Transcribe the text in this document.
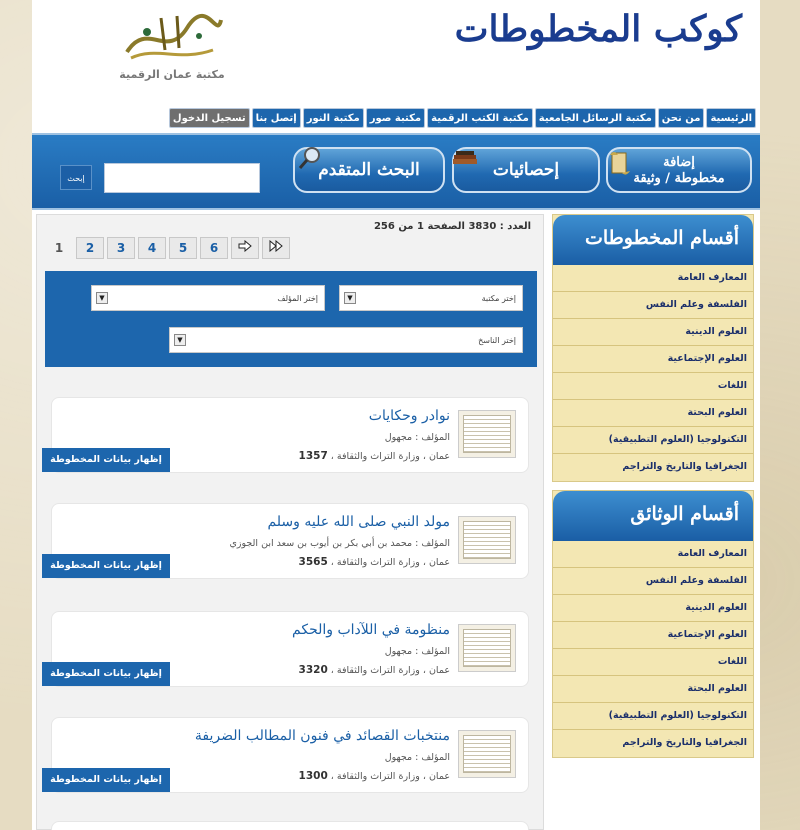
كوكب المخطوطات
مكتبة عمان الرقمية
الرئيسية
من نحن
مكتبة الرسائل الجامعية
مكتبة الكتب الرقمية
مكتبة صور
مكتبة النور
إتصل بنا
تسجيل الدخول
إضافة
مخطوطة / وثيقة
إحصائيات
البحث المتقدم
إبحث
العدد : 3830 الصفحة 1 من 256
1	2	3	4	5	6
إختر مكتبة
▼
إختر المؤلف
▼
إختر الناسخ
▼
نوادر وحكايات
المؤلف : مجهول
عمان ، وزارة التراث والثقافة ، 1357
إظهار بيانات المخطوطة
مولد النبي صلى الله عليه وسلم
المؤلف : محمد بن أبي بكر بن أيوب بن سعد ابن الجوزي
عمان ، وزارة التراث والثقافة ، 3565
إظهار بيانات المخطوطة
منظومة في اللآداب والحكم
المؤلف : مجهول
عمان ، وزارة التراث والثقافة ، 3320
إظهار بيانات المخطوطة
منتخبات القصائد في فنون المطالب الضريفة
المؤلف : مجهول
عمان ، وزارة التراث والثقافة ، 1300
إظهار بيانات المخطوطة
أقسام المخطوطات
المعارف العامة
الفلسفة وعلم النفس
العلوم الدينية
العلوم الإجتماعية
اللغات
العلوم البحتة
التكنولوجيا (العلوم التطبيقية)
الجغرافيا والتاريخ والتراجم
أقسام الوثائق
المعارف العامة
الفلسفة وعلم النفس
العلوم الدينية
العلوم الإجتماعية
اللغات
العلوم البحتة
التكنولوجيا (العلوم التطبيقية)
الجغرافيا والتاريخ والتراجم
